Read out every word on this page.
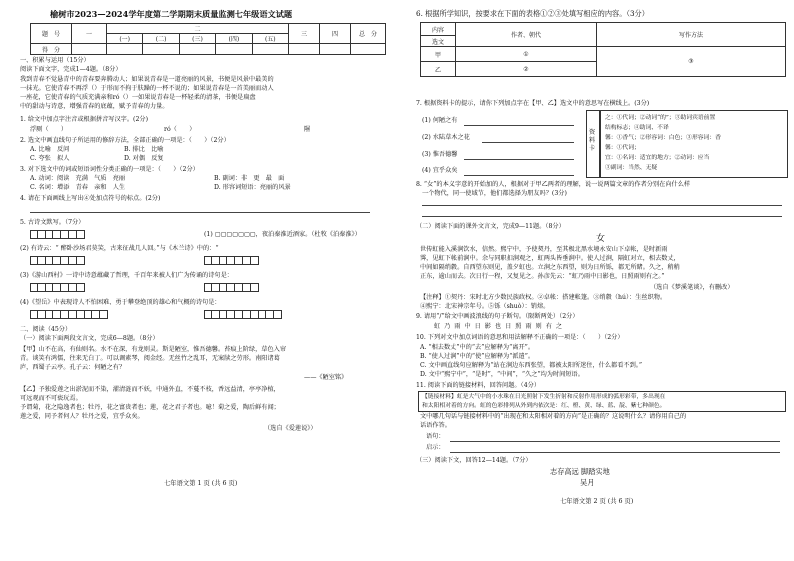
榆树市2023—2024学年度第二学期期末质量监测七年级语文试题
题　号	一	二					三	四	总　分
		(一)	(二)	(三)	(四)	(五)			
得　分									
一、积累与运用（15分）
阅读下面文字，完成1—4题。（8分）
我到青春不觉悬青中的青春要奔腾动人；如果说青春是一道亮丽的风景，书便是风景中最美的
一抹光。它使青春不再浮（）于形而不拘于肤躁的一杯不说的；如果说青春是一首美丽而动人
一座花，它使青春的气质充满亲和ró（）一如果说青春是一杯轻柔的清茶，书便是扁盘
中的甜动与诗意，增强青春的底蕴，赋予青春的力量。
1. 给文中加点字注音或根据拼音写汉字。(2分)
浮厕（　　）	ró（　　）	隰
2. 选文中画直线句子所运用的修辞方法，全部正确的一项是：（　　）（2分）
A. 比喻　反问	B. 排比　比喻
C. 夸张　拟人	D. 对偶　反复
3. 对下选文中的词或短语词性分类正确的一项是：（　　）（2分）
A. 动词：阅读　充满　气质　亮丽	B. 副词：非　更　最　面
C. 名词：增添　青春　亲和　人生	D. 形容词短语：亮丽的风景
4. 请在下面画线上写出④处加点符号的标点。(2分)
5. 古诗文默写。（7分）
(1) ▢▢▢▢▢▢▢，夜泊秦淮近酒家。（杜牧《泊秦淮》）
(2) 有诗云：“ 醉卧沙场君莫笑，古来征战几人回。”与《木兰诗》中的：“
(3)《游山西村》一诗中诗意蕴藏了哲理，千百年来被人们广为传诵的诗句是：
(4)《望岳》中表现诗人不怕困难、勇于攀登绝顶的雄心和气概的诗句是：
二、阅读（45分）
（一）阅读下面两段文言文，完成6—8题。（8分）
【甲】山不在高，有仙则名。水不在深，有龙则灵。斯是陋室，惟吾德馨。苔痕上阶绿，草色入帘
青。谈笑有鸿儒，往来无白丁。可以调素琴，阅金经。无丝竹之乱耳，无案牍之劳形。南阳诸葛
庐，西蜀子云亭。孔子云：何陋之有？
——《陋室铭》
【乙】予独爱莲之出淤泥而不染，濯清涟而不妖，中通外直，不蔓不枝，香远益清，亭亭净植，
可远观而不可亵玩焉。
予谓菊，花之隐逸者也；牡丹，花之富贵者也；莲，花之君子者也。噫！菊之爱，陶后鲜有闻；
莲之爱，同予者何人？牡丹之爱，宜乎众矣。
（选自《爱莲说》）
七年语文第 1 页 (共 6 页)
6. 根据所学知识，按要求在下面的表格①②③处填写相应的内容。（3分）
内容	作者、朝代	写作方法
选文		
甲	①	③
乙	②	
7. 根据资料卡的提示，请你下列加点字在【甲、乙】选文中的意思写在横线上。(3分)
(1) 何陋之有
(2) 水陆草木之花
(3) 惟吾德馨
(4) 宜乎众矣
资料卡
之：①代词；②动词“的”；③助词宾语前置
结构标志；④助词、不译
馨：①香气；②形容词：白色；③形容词：香
馨：①代词；
宜：①名词：适宜的地方；②动词：应当
③副词：当然、无疑
8. “女”的本义字意的开始加的人，根据对于甲乙两者的理解，说一说两篇文章的作者分别在向什么样
一个物代，同一使域节，他们都选择为朋友吗？(3分)
（二）阅读下面的课外文言文，完成9—11题。（8分）
女
世传虹能入溪涧饮水，信然。熙宁中，予使契丹，至其极北黑水境永安山下卓帐，是时新雨
霁，见虹下帐前涧中。余与同职扣涧观之，虹两头皆垂涧中。使人过涧，隔虹对立，相去数丈，
中间如隔绡縠。自西望东则见，盖夕虹也。立涧之东西望，则为日所铄，都无所睹。久之，稍稍
正东，逾山而去。次日行一程，又复见之。孙彦先云：“虹乃雨中日影也，日照雨则有之。”
（选自《梦溪笔谈》，有删改）
【注释】①契丹：宋时北方少数民族政权。②卓帐：搭建帐篷。③绡縠（hú）：生丝织物。
④熙宁：北宋神宗年号。⑤铄（shuò）：销熔。
9. 请用“/”给文中画波浪线的句子断句。（限断两处）（2分）
虹 乃 雨 中 日 影 也 日 照 雨 则 有 之
10. 下列对文中加点词语的意思和用法解释不正确的一项是：（　　）（2分）
A. “相去数丈”中的“去”应解释为“离开”。
B. “使人过涧”中的“使”应解释为“派遣”。
C. 文中画直线句应解释为“站在涧边东西张望，都被太阳所迷住，什么都看不到。”
D. 文中“熙宁中”，“是时”，“中间”，“久之”均为时间短语。
11. 阅读下面的链接材料，回答问题。（4分）
【链接材料】虹是大气中的小水珠在日光照射下发生折射和反射作用形成的弧形彩带，多出现在
和太阳相对着的方向。虹的色彩排列从外到内依次是：红、橙、黄、绿、蓝、靛、紫七种颜色。
文中哪几句话与链接材料中的“出现在和太阳相对着的方向”是正确的？这说明什么？请你用自己的
话语作答。
语句：
启示：
（三）阅读下文，回答12—14题。（7分）
志存高远 脚踏实地
吴月
七年语文第 2 页 (共 6 页)
